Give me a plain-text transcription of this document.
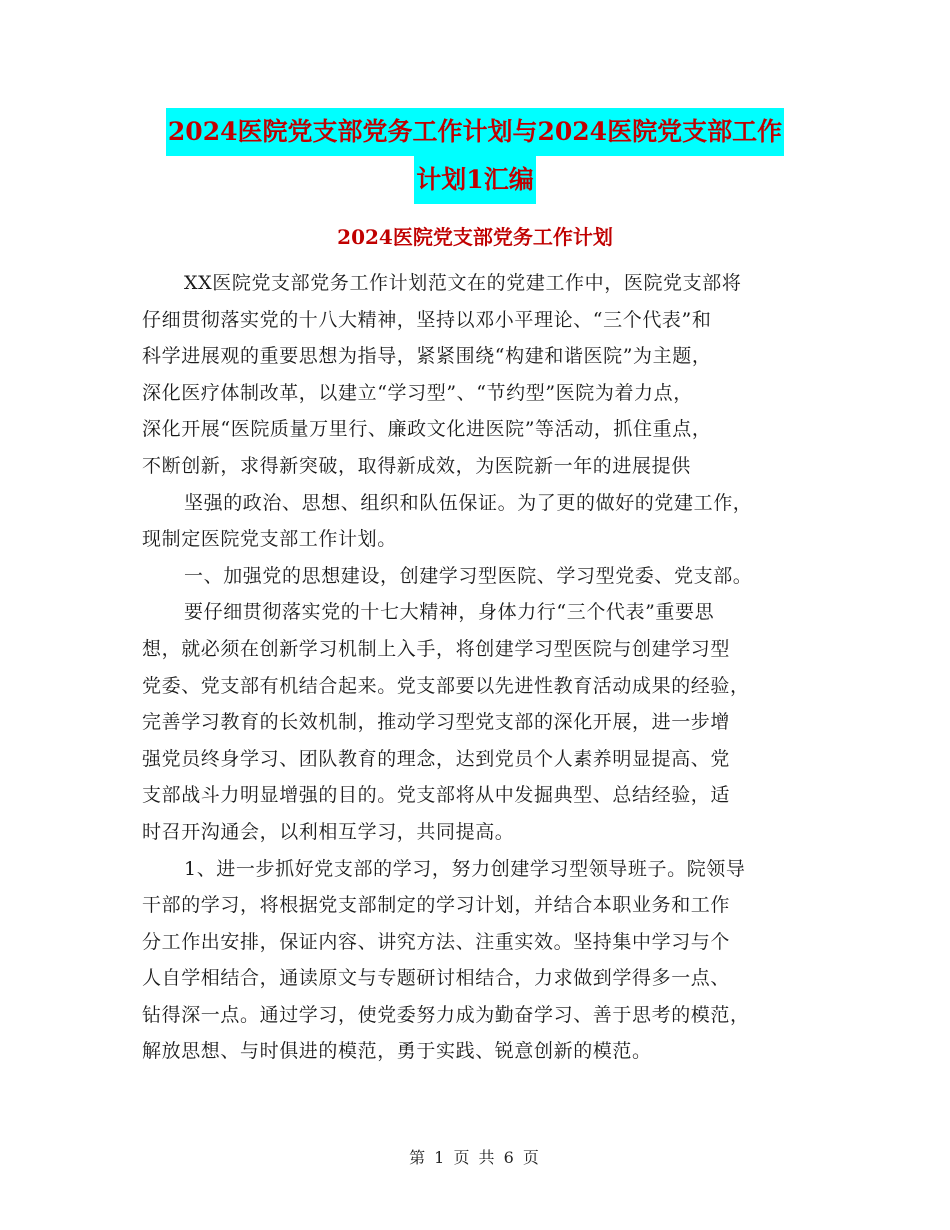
2024医院党支部党务工作计划与2024医院党支部工作
计划1汇编
2024医院党支部党务工作计划

XX医院党支部党务工作计划范文在的党建工作中，医院党支部将

仔细贯彻落实党的十八大精神，坚持以邓小平理论、“三个代表”和

科学进展观的重要思想为指导，紧紧围绕“构建和谐医院”为主题，

深化医疗体制改革，以建立“学习型”、“节约型”医院为着力点，

深化开展“医院质量万里行、廉政文化进医院”等活动，抓住重点，

不断创新，求得新突破，取得新成效，为医院新一年的进展提供

坚强的政治、思想、组织和队伍保证。为了更的做好的党建工作，

现制定医院党支部工作计划。

一、加强党的思想建设，创建学习型医院、学习型党委、党支部。

要仔细贯彻落实党的十七大精神，身体力行“三个代表”重要思

想，就必须在创新学习机制上入手，将创建学习型医院与创建学习型

党委、党支部有机结合起来。党支部要以先进性教育活动成果的经验，

完善学习教育的长效机制，推动学习型党支部的深化开展，进一步增

强党员终身学习、团队教育的理念，达到党员个人素养明显提高、党

支部战斗力明显增强的目的。党支部将从中发掘典型、总结经验，适

时召开沟通会，以利相互学习，共同提高。

1、进一步抓好党支部的学习，努力创建学习型领导班子。院领导

干部的学习，将根据党支部制定的学习计划，并结合本职业务和工作

分工作出安排，保证内容、讲究方法、注重实效。坚持集中学习与个

人自学相结合，通读原文与专题研讨相结合，力求做到学得多一点、

钻得深一点。通过学习，使党委努力成为勤奋学习、善于思考的模范，

解放思想、与时俱进的模范，勇于实践、锐意创新的模范。

第 1 页 共 6 页
